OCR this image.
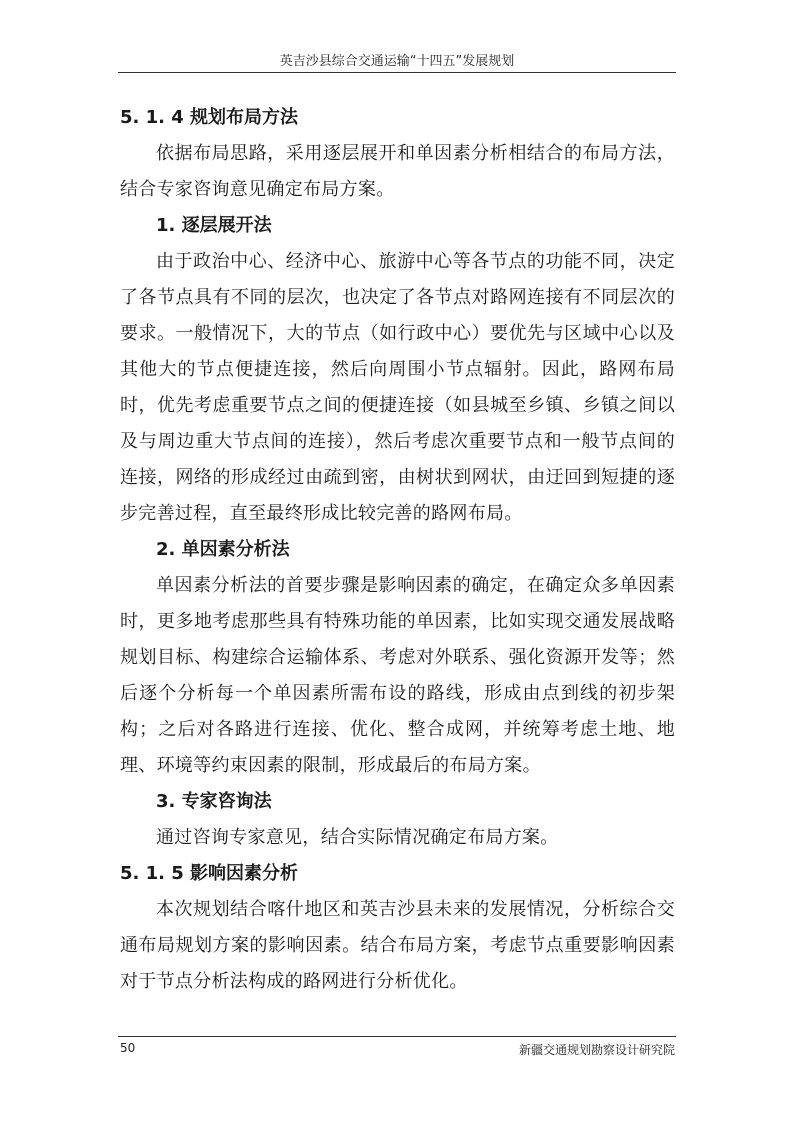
英吉沙县综合交通运输“十四五”发展规划
5. 1. 4 规划布局方法

依据布局思路，采用逐层展开和单因素分析相结合的布局方法，结合专家咨询意见确定布局方案。

1. 逐层展开法

由于政治中心、经济中心、旅游中心等各节点的功能不同，决定了各节点具有不同的层次，也决定了各节点对路网连接有不同层次的要求。一般情况下，大的节点（如行政中心）要优先与区域中心以及其他大的节点便捷连接，然后向周围小节点辐射。因此，路网布局时，优先考虑重要节点之间的便捷连接（如县城至乡镇、乡镇之间以及与周边重大节点间的连接），然后考虑次重要节点和一般节点间的连接，网络的形成经过由疏到密，由树状到网状，由迂回到短捷的逐步完善过程，直至最终形成比较完善的路网布局。

2. 单因素分析法

单因素分析法的首要步骤是影响因素的确定，在确定众多单因素时，更多地考虑那些具有特殊功能的单因素，比如实现交通发展战略规划目标、构建综合运输体系、考虑对外联系、强化资源开发等；然后逐个分析每一个单因素所需布设的路线，形成由点到线的初步架构；之后对各路进行连接、优化、整合成网，并统筹考虑土地、地理、环境等约束因素的限制，形成最后的布局方案。

3. 专家咨询法

通过咨询专家意见，结合实际情况确定布局方案。

5. 1. 5 影响因素分析

本次规划结合喀什地区和英吉沙县未来的发展情况，分析综合交通布局规划方案的影响因素。结合布局方案，考虑节点重要影响因素对于节点分析法构成的路网进行分析优化。

50	新疆交通规划勘察设计研究院
